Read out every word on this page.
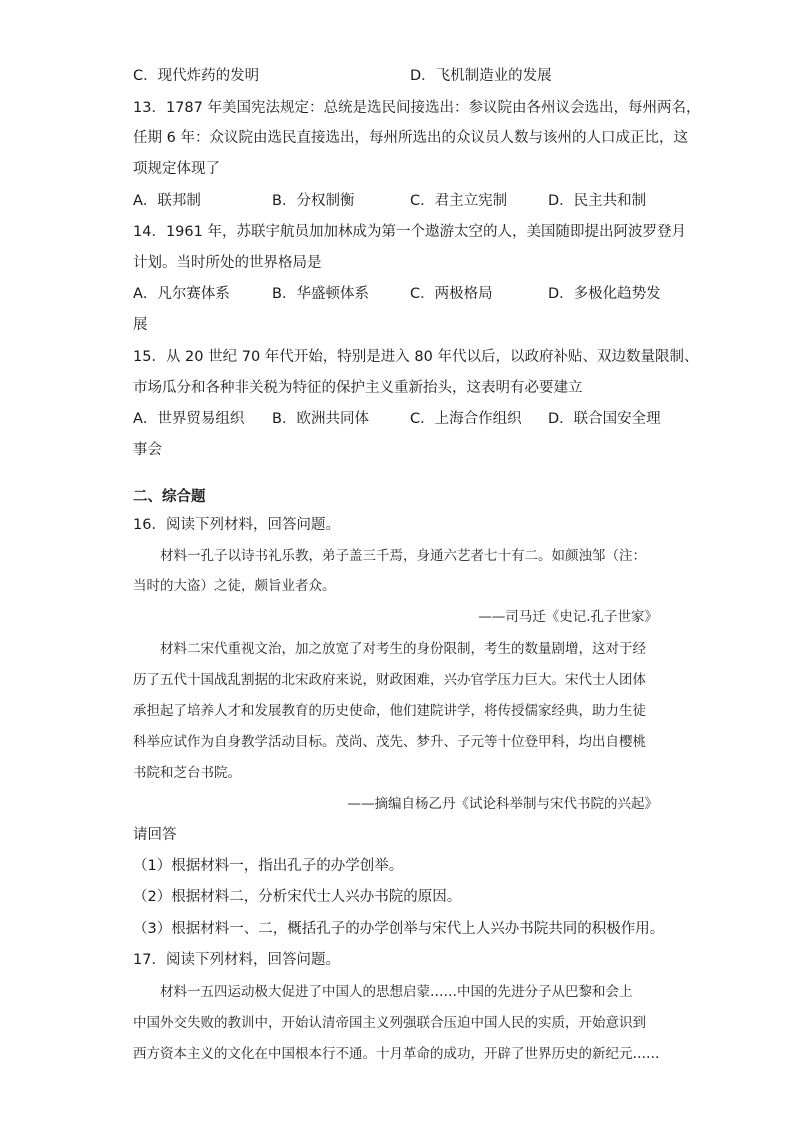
C．现代炸药的发明	D．飞机制造业的发展
13．1787 年美国宪法规定：总统是选民间接选出：参议院由各州议会选出，每州两名，
任期 6 年：众议院由选民直接选出，每州所选出的众议员人数与该州的人口成正比，这
项规定体现了
A．联邦制	B．分权制衡	C．君主立宪制	D．民主共和制
14．1961 年，苏联宇航员加加林成为第一个遨游太空的人，美国随即提出阿波罗登月
计划。当时所处的世界格局是
A．凡尔赛体系	B．华盛顿体系	C．两极格局	D．多极化趋势发
展
15．从 20 世纪 70 年代开始，特别是进入 80 年代以后，以政府补贴、双边数量限制、
市场瓜分和各种非关税为特征的保护主义重新抬头，这表明有必要建立
A．世界贸易组织 B．欧洲共同体	C．上海合作组织 D．联合国安全理
事会
二、综合题
16．阅读下列材料，回答问题。
材料一孔子以诗书礼乐教，弟子盖三千焉，身通六艺者七十有二。如颜浊邹（注：
当时的大盗）之徒，颇旨业者众。
——司马迁《史记.孔子世家》
材料二宋代重视文治，加之放宽了对考生的身份限制，考生的数量剧增，这对于经
历了五代十国战乱割据的北宋政府来说，财政困难，兴办官学压力巨大。宋代士人团体
承担起了培养人才和发展教育的历史使命，他们建院讲学，将传授儒家经典，助力生徒
科举应试作为自身教学活动目标。茂尚、茂先、梦升、子元等十位登甲科，均出自樱桃
书院和芝台书院。
——摘编自杨乙丹《试论科举制与宋代书院的兴起》
请回答
（1）根据材料一，指出孔子的办学创举。
（2）根据材料二，分析宋代士人兴办书院的原因。
（3）根据材料一、二，概括孔子的办学创举与宋代上人兴办书院共同的积极作用。
17．阅读下列材料，回答问题。
材料一五四运动极大促进了中国人的思想启蒙……中国的先进分子从巴黎和会上
中国外交失败的教训中，开始认清帝国主义列强联合压迫中国人民的实质，开始意识到
西方资本主义的文化在中国根本行不通。十月革命的成功，开辟了世界历史的新纪元……
